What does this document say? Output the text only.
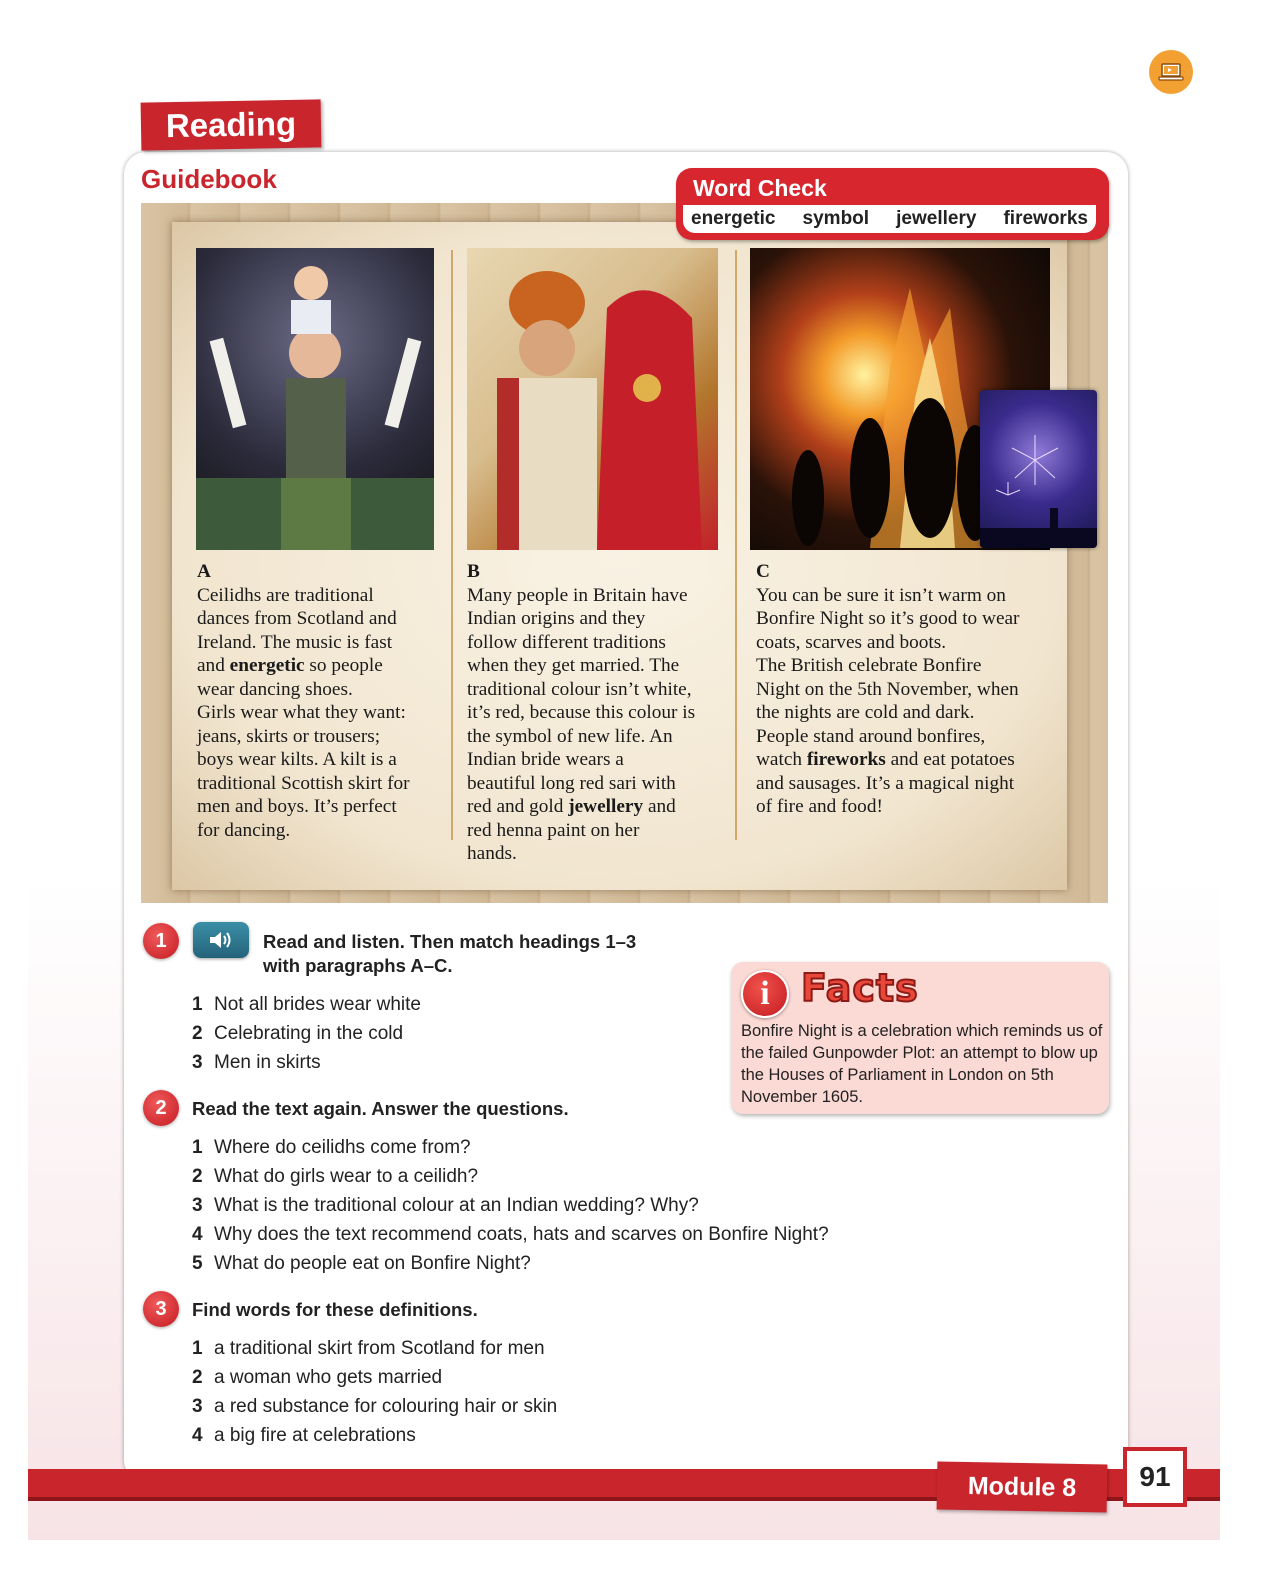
Reading
Guidebook
A
Ceilidhs are traditional
dances from Scotland and
Ireland. The music is fast
and energetic so people
wear dancing shoes.
Girls wear what they want:
jeans, skirts or trousers;
boys wear kilts. A kilt is a
traditional Scottish skirt for
men and boys. It’s perfect
for dancing.
B
Many people in Britain have
Indian origins and they
follow different traditions
when they get married. The
traditional colour isn’t white,
it’s red, because this colour is
the symbol of new life. An
Indian bride wears a
beautiful long red sari with
red and gold jewellery and
red henna paint on her
hands.
C
You can be sure it isn’t warm on
Bonfire Night so it’s good to wear
coats, scarves and boots.
The British celebrate Bonfire
Night on the 5th November, when
the nights are cold and dark.
People stand around bonfires,
watch fireworks and eat potatoes
and sausages. It’s a magical night
of fire and food!
Word Check
energetic symbol jewellery fireworks
1	Read and listen. Then match headings 1–3
with paragraphs A–C.
1 Not all brides wear white
2 Celebrating in the cold
3 Men in skirts
2	Read the text again. Answer the questions.
1 Where do ceilidhs come from?
2 What do girls wear to a ceilidh?
3 What is the traditional colour at an Indian wedding? Why?
4 Why does the text recommend coats, hats and scarves on Bonfire Night?
5 What do people eat on Bonfire Night?
3	Find words for these definitions.
1 a traditional skirt from Scotland for men
2 a woman who gets married
3 a red substance for colouring hair or skin
4 a big fire at celebrations
i Facts
Bonfire Night is a celebration which reminds us of the failed Gunpowder Plot: an attempt to blow up the Houses of Parliament in London on 5th November 1605.
Module 8	91
